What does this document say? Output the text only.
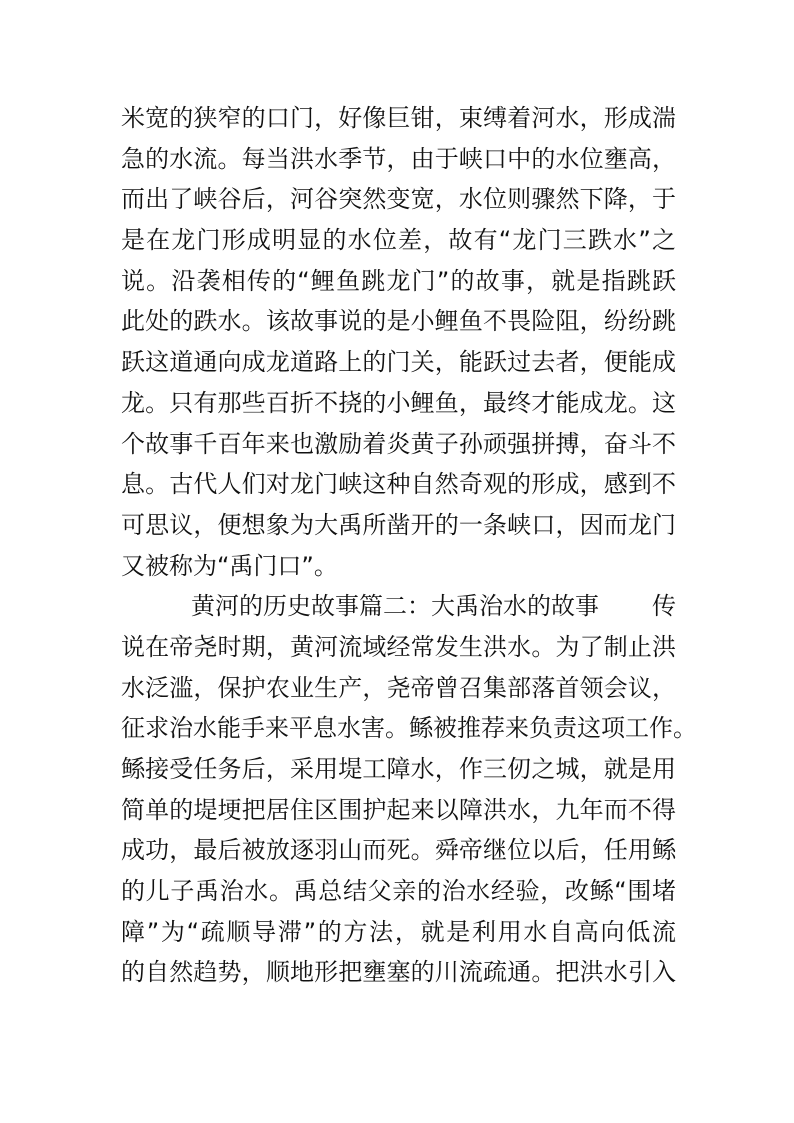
米宽的狭窄的口门，好像巨钳，束缚着河水，形成湍
急的水流。每当洪水季节，由于峡口中的水位壅高，
而出了峡谷后，河谷突然变宽，水位则骤然下降，于
是在龙门形成明显的水位差，故有“龙门三跌水”之
说。沿袭相传的“鲤鱼跳龙门”的故事，就是指跳跃
此处的跌水。该故事说的是小鲤鱼不畏险阻，纷纷跳
跃这道通向成龙道路上的门关，能跃过去者，便能成
龙。只有那些百折不挠的小鲤鱼，最终才能成龙。这
个故事千百年来也激励着炎黄子孙顽强拼搏，奋斗不
息。古代人们对龙门峡这种自然奇观的形成，感到不
可思议，便想象为大禹所凿开的一条峡口，因而龙门
又被称为“禹门口”。
黄河的历史故事篇二：大禹治水的故事 传
说在帝尧时期，黄河流域经常发生洪水。为了制止洪
水泛滥，保护农业生产，尧帝曾召集部落首领会议，
征求治水能手来平息水害。鲧被推荐来负责这项工作。
鲧接受任务后，采用堤工障水，作三仞之城，就是用
简单的堤埂把居住区围护起来以障洪水，九年而不得
成功，最后被放逐羽山而死。舜帝继位以后，任用鲧
的儿子禹治水。禹总结父亲的治水经验，改鲧“围堵
障”为“疏顺导滞”的方法，就是利用水自高向低流
的自然趋势，顺地形把壅塞的川流疏通。把洪水引入
